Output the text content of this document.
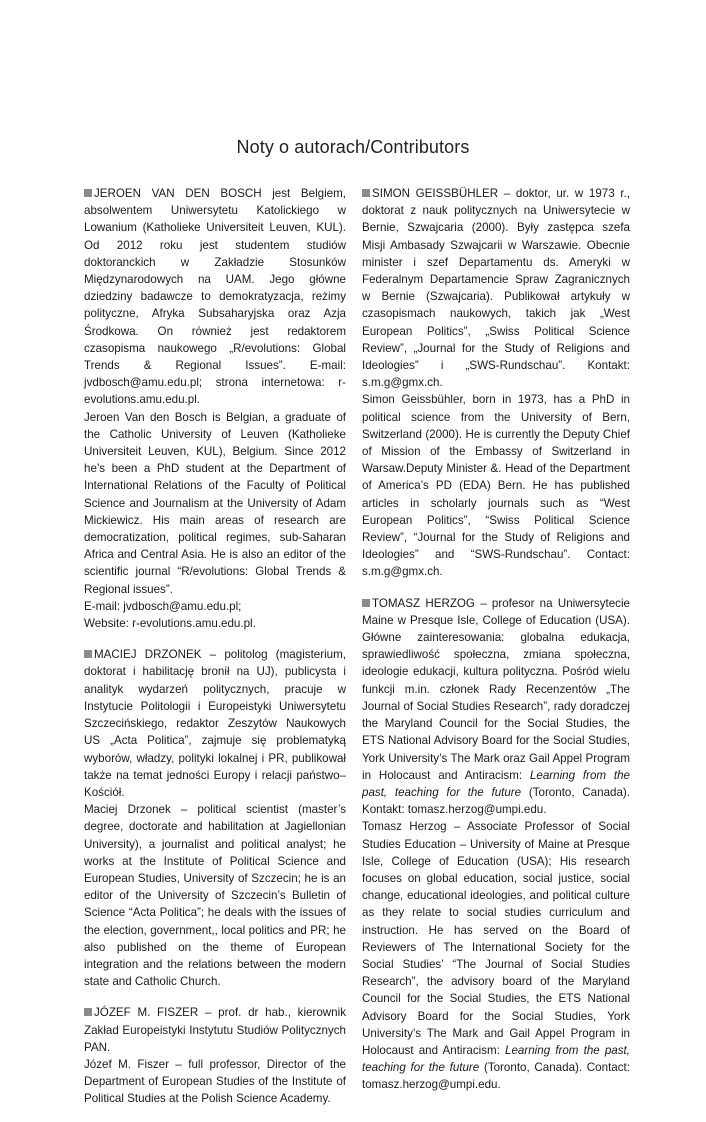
Noty o autorach/Contributors

JEROEN VAN DEN BOSCH jest Belgiem, absolwentem Uniwersytetu Katolickiego w Lowanium (Katholieke Universiteit Leuven, KUL). Od 2012 roku jest studentem studiów doktoranckich w Zakładzie Stosunków Międzynarodowych na UAM. Jego główne dziedziny badawcze to demokratyzacja, reżimy polityczne, Afryka Subsaharyjska oraz Azja Środkowa. On również jest redaktorem czasopisma naukowego „R/evolutions: Global Trends & Regional Issues”. E-mail: jvdbosch@amu.edu.pl; strona internetowa: r-evolutions.amu.edu.pl.

Jeroen Van den Bosch is Belgian, a graduate of the Catholic University of Leuven (Katholieke Universiteit Leuven, KUL), Belgium. Since 2012 he’s been a PhD student at the Department of International Relations of the Faculty of Political Science and Journalism at the University of Adam Mickiewicz. His main areas of research are democratization, political regimes, sub-Saharan Africa and Central Asia. He is also an editor of the scientific journal “R/evolutions: Global Trends & Regional issues”.

E-mail: jvdbosch@amu.edu.pl;

Website: r-evolutions.amu.edu.pl.

MACIEJ DRZONEK – politolog (magisterium, doktorat i habilitację bronił na UJ), publicysta i analityk wydarzeń politycznych, pracuje w Instytucie Politologii i Europeistyki Uniwersytetu Szczecińskiego, redaktor Zeszytów Naukowych US „Acta Politica”, zajmuje się problematyką wyborów, władzy, polityki lokalnej i PR, publikował także na temat jedności Europy i relacji państwo–Kościół.

Maciej Drzonek – political scientist (master’s degree, doctorate and habilitation at Jagiellonian University), a journalist and political analyst; he works at the Institute of Political Science and European Studies, University of Szczecin; he is an editor of the University of Szczecin’s Bulletin of Science “Acta Politica”; he deals with the issues of the election, government,, local politics and PR; he also published on the theme of European integration and the relations between the modern state and Catholic Church.

JÓZEF M. FISZER – prof. dr hab., kierownik Zakład Europeistyki Instytutu Studiów Politycznych PAN.

Józef M. Fiszer – full professor, Director of the Department of European Studies of the Institute of Political Studies at the Polish Science Academy.

SIMON GEISSBÜHLER – doktor, ur. w 1973 r., doktorat z nauk politycznych na Uniwersytecie w Bernie, Szwajcaria (2000). Były zastępca szefa Misji Ambasady Szwajcarii w Warszawie. Obecnie minister i szef Departamentu ds. Ameryki w Federalnym Departamencie Spraw Zagranicznych w Bernie (Szwajcaria). Publikował artykuły w czasopismach naukowych, takich jak „West European Politics”, „Swiss Political Science Review”, „Journal for the Study of Religions and Ideologies” i „SWS-Rundschau”. Kontakt: s.m.g@gmx.ch.

Simon Geissbühler, born in 1973, has a PhD in political science from the University of Bern, Switzerland (2000). He is currently the Deputy Chief of Mission of the Embassy of Switzerland in Warsaw.Deputy Minister &. Head of the Department of America’s PD (EDA) Bern. He has published articles in scholarly journals such as “West European Politics”, “Swiss Political Science Review”, “Journal for the Study of Religions and Ideologies” and “SWS-Rundschau”. Contact: s.m.g@gmx.ch.

TOMASZ HERZOG – profesor na Uniwersytecie Maine w Presque Isle, College of Education (USA). Główne zainteresowania: globalna edukacja, sprawiedliwość społeczna, zmiana społeczna, ideologie edukacji, kultura polityczna. Pośród wielu funkcji m.in. członek Rady Recenzentów „The Journal of Social Studies Research”, rady doradczej the Maryland Council for the Social Studies, the ETS National Advisory Board for the Social Studies, York University’s The Mark oraz Gail Appel Program in Holocaust and Antiracism: Learning from the past, teaching for the future (Toronto, Canada). Kontakt: tomasz.herzog@umpi.edu.

Tomasz Herzog – Associate Professor of Social Studies Education – University of Maine at Presque Isle, College of Education (USA); His research focuses on global education, social justice, social change, educational ideologies, and political culture as they relate to social studies curriculum and instruction. He has served on the Board of Reviewers of The International Society for the Social Studies’ “The Journal of Social Studies Research”, the advisory board of the Maryland Council for the Social Studies, the ETS National Advisory Board for the Social Studies, York University’s The Mark and Gail Appel Program in Holocaust and Antiracism: Learning from the past, teaching for the future (Toronto, Canada). Contact: tomasz.herzog@umpi.edu.
